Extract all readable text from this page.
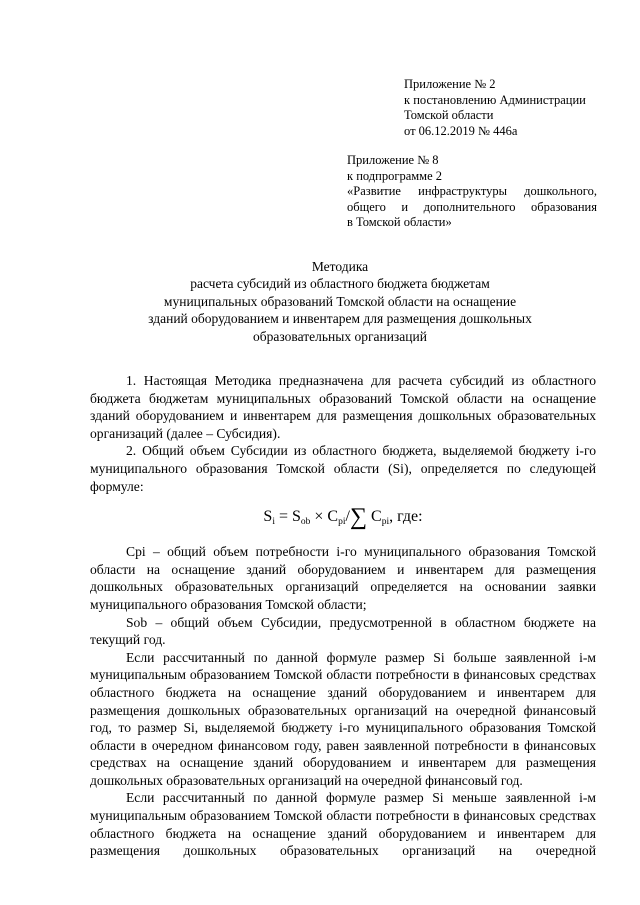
Приложение № 2
к постановлению Администрации
Томской области
от 06.12.2019 № 446а
Приложение № 8
к подпрограмме 2
«Развитие инфраструктуры дошкольного,
общего и дополнительного образования
в Томской области»
Методика
расчета субсидий из областного бюджета бюджетам
муниципальных образований Томской области на оснащение
зданий оборудованием и инвентарем для размещения дошкольных
образовательных организаций

1. Настоящая Методика предназначена для расчета субсидий из областного бюджета бюджетам муниципальных образований Томской области на оснащение зданий оборудованием и инвентарем для размещения дошкольных образовательных организаций (далее – Субсидия).

2. Общий объем Субсидии из областного бюджета, выделяемой бюджету i-го муниципального образования Томской области (Si), определяется по следующей формуле:

Si = Sob × Cpi/∑ Cpi, где:

Cpi – общий объем потребности i-го муниципального образования Томской области на оснащение зданий оборудованием и инвентарем для размещения дошкольных образовательных организаций определяется на основании заявки муниципального образования Томской области;

Sob – общий объем Субсидии, предусмотренной в областном бюджете на текущий год.

Если рассчитанный по данной формуле размер Si больше заявленной i-м муниципальным образованием Томской области потребности в финансовых средствах областного бюджета на оснащение зданий оборудованием и инвентарем для размещения дошкольных образовательных организаций на очередной финансовый год, то размер Si, выделяемой бюджету i-го муниципального образования Томской области в очередном финансовом году, равен заявленной потребности в финансовых средствах на оснащение зданий оборудованием и инвентарем для размещения дошкольных образовательных организаций на очередной финансовый год.

Если рассчитанный по данной формуле размер Si меньше заявленной i-м муниципальным образованием Томской области потребности в финансовых средствах областного бюджета на оснащение зданий оборудованием и инвентарем для размещения дошкольных образовательных организаций на очередной
